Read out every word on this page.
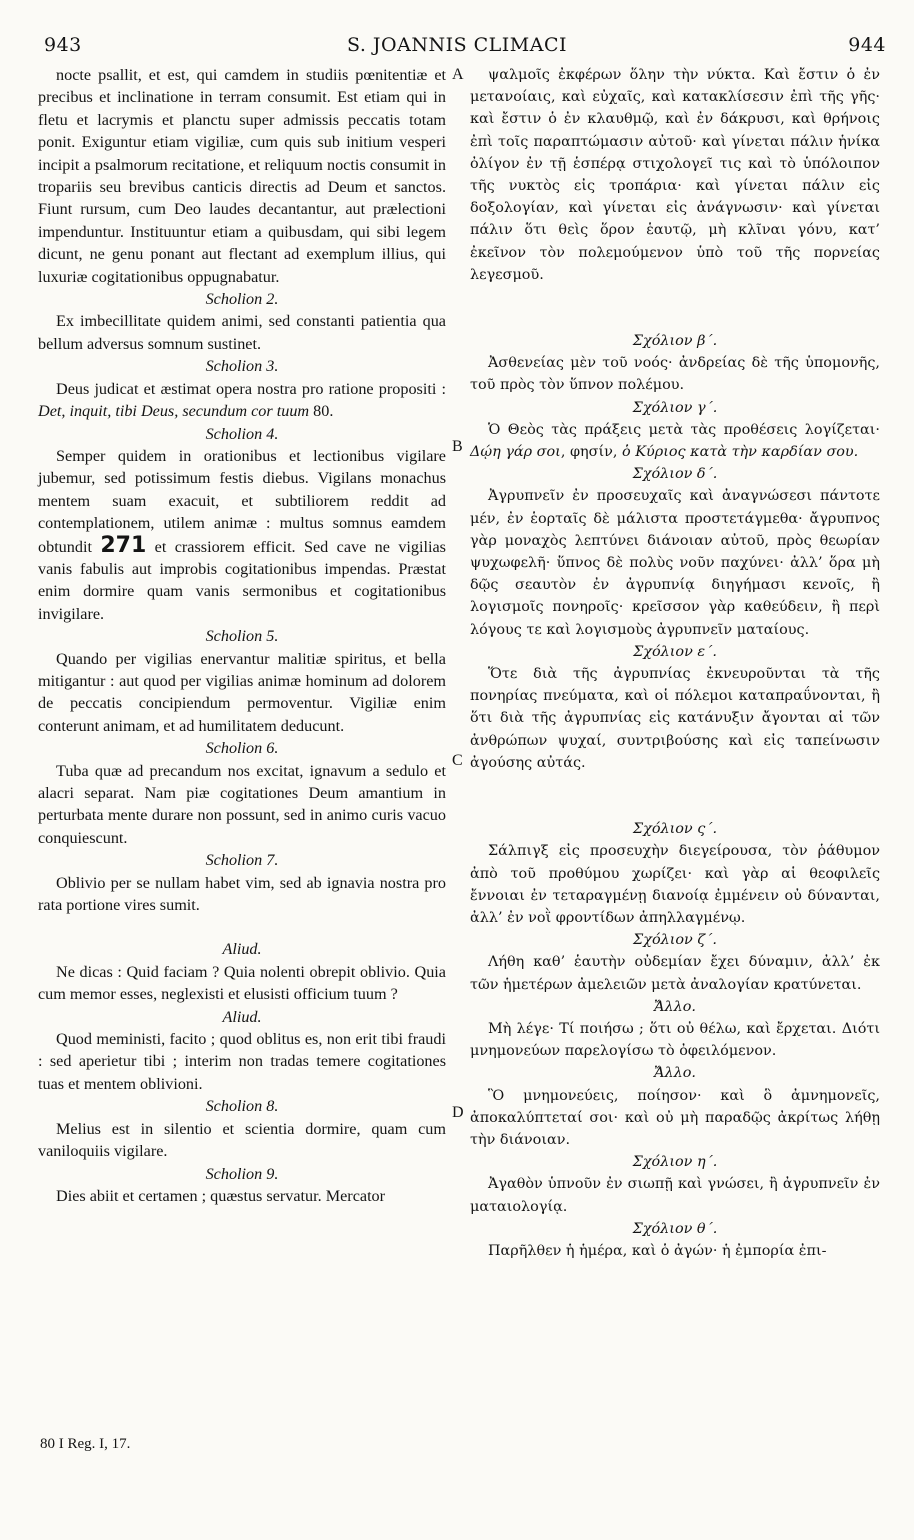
943	S. JOANNIS CLIMACI	944

nocte psallit, et est, qui camdem in studiis pœnitentiæ et precibus et inclinatione in terram consumit. Est etiam qui in fletu et lacrymis et planctu super admissis peccatis totam ponit. Exiguntur etiam vigiliæ, cum quis sub initium vesperi incipit a psalmorum recitatione, et reliquum noctis consumit in tropariis seu brevibus canticis directis ad Deum et sanctos. Fiunt rursum, cum Deo laudes decantantur, aut prælectioni impenduntur. Instituuntur etiam a quibusdam, qui sibi legem dicunt, ne genu ponant aut flectant ad exemplum illius, qui luxuriæ cogitationibus oppugnabatur.

Scholion 2.

Ex imbecillitate quidem animi, sed constanti patientia qua bellum adversus somnum sustinet.

Scholion 3.

Deus judicat et æstimat opera nostra pro ratione propositi : Det, inquit, tibi Deus, secundum cor tuum 80.

Scholion 4.

Semper quidem in orationibus et lectionibus vigilare jubemur, sed potissimum festis diebus. Vigilans monachus mentem suam exacuit, et subtiliorem reddit ad contemplationem, utilem animæ : multus somnus eamdem obtundit 271 et crassiorem efficit. Sed cave ne vigilias vanis fabulis aut improbis cogitationibus impendas. Præstat enim dormire quam vanis sermonibus et cogitationibus invigilare.

Scholion 5.

Quando per vigilias enervantur malitiæ spiritus, et bella mitigantur : aut quod per vigilias animæ hominum ad dolorem de peccatis concipiendum permoventur. Vigiliæ enim conterunt animam, et ad humilitatem deducunt.

Scholion 6.

Tuba quæ ad precandum nos excitat, ignavum a sedulo et alacri separat. Nam piæ cogitationes Deum amantium in perturbata mente durare non possunt, sed in animo curis vacuo conquiescunt.

Scholion 7.

Oblivio per se nullam habet vim, sed ab ignavia nostra pro rata portione vires sumit.

Aliud.

Ne dicas : Quid faciam ? Quia nolenti obrepit oblivio. Quia cum memor esses, neglexisti et elusisti officium tuum ?

Aliud.

Quod meministi, facito ; quod oblitus es, non erit tibi fraudi : sed aperietur tibi ; interim non tradas temere cogitationes tuas et mentem oblivioni.

Scholion 8.

Melius est in silentio et scientia dormire, quam cum vaniloquiis vigilare.

Scholion 9.

Dies abiit et certamen ; quæstus servatur. Mercator

ψαλμοῖς ἐκφέρων ὅλην τὴν νύκτα. Καὶ ἔστιν ὁ ἐν μετανοίαις, καὶ εὐχαῖς, καὶ κατακλίσεσιν ἐπὶ τῆς γῆς· καὶ ἔστιν ὁ ἐν κλαυθμῷ, καὶ ἐν δάκρυσι, καὶ θρήνοις ἐπὶ τοῖς παραπτώμασιν αὐτοῦ· καὶ γίνεται πάλιν ἡνίκα ὀλίγον ἐν τῇ ἑσπέρᾳ στιχολογεῖ τις καὶ τὸ ὑπόλοιπον τῆς νυκτὸς εἰς τροπάρια· καὶ γίνεται πάλιν εἰς δοξολογίαν, καὶ γίνεται εἰς ἀνάγνωσιν· καὶ γίνεται πάλιν ὅτι θεὶς ὅρον ἑαυτῷ, μὴ κλῖναι γόνυ, κατ’ ἐκεῖνον τὸν πολεμούμενον ὑπὸ τοῦ τῆς πορνείας λεγεσμοῦ.

Σχόλιον β΄.

Ἀσθενείας μὲν τοῦ νοός· ἀνδρείας δὲ τῆς ὑπομονῆς, τοῦ πρὸς τὸν ὕπνον πολέμου.

Σχόλιον γ΄.

Ὁ Θεὸς τὰς πράξεις μετὰ τὰς προθέσεις λογίζεται· Δῴη γάρ σοι, φησίν, ὁ Κύριος κατὰ τὴν καρδίαν σου.

Σχόλιον δ΄.

Ἀγρυπνεῖν ἐν προσευχαῖς καὶ ἀναγνώσεσι πάντοτε μέν, ἐν ἑορταῖς δὲ μάλιστα προστετάγμεθα· ἄγρυπνος γὰρ μοναχὸς λεπτύνει διάνοιαν αὐτοῦ, πρὸς θεωρίαν ψυχωφελῆ· ὕπνος δὲ πολὺς νοῦν παχύνει· ἀλλ’ ὅρα μὴ δῷς σεαυτὸν ἐν ἀγρυπνίᾳ διηγήμασι κενοῖς, ἢ λογισμοῖς πονηροῖς· κρεῖσσον γὰρ καθεύδειν, ἢ περὶ λόγους τε καὶ λογισμοὺς ἀγρυπνεῖν ματαίους.

Σχόλιον ε΄.

Ὅτε διὰ τῆς ἀγρυπνίας ἐκνευροῦνται τὰ τῆς πονηρίας πνεύματα, καὶ οἱ πόλεμοι καταπραΰνονται, ἢ ὅτι διὰ τῆς ἀγρυπνίας εἰς κατάνυξιν ἄγονται αἱ τῶν ἀνθρώπων ψυχαί, συντριβούσης καὶ εἰς ταπείνωσιν ἀγούσης αὐτάς.

Σχόλιον ς΄.

Σάλπιγξ εἰς προσευχὴν διεγείρουσα, τὸν ῥάθυμον ἀπὸ τοῦ προθύμου χωρίζει· καὶ γὰρ αἱ θεοφιλεῖς ἔννοιαι ἐν τεταραγμένῃ διανοίᾳ ἐμμένειν οὐ δύνανται, ἀλλ’ ἐν νοῒ φροντίδων ἀπηλλαγμένῳ.

Σχόλιον ζ΄.

Λήθη καθ’ ἑαυτὴν οὐδεμίαν ἔχει δύναμιν, ἀλλ’ ἐκ τῶν ἡμετέρων ἀμελειῶν μετὰ ἀναλογίαν κρατύνεται.

Ἄλλο.

Μὴ λέγε· Τί ποιήσω ; ὅτι οὐ θέλω, καὶ ἔρχεται. Διότι μνημονεύων παρελογίσω τὸ ὀφειλόμενον.

Ἄλλο.

Ὃ μνημονεύεις, ποίησον· καὶ ὃ ἀμνημονεῖς, ἀποκαλύπτεταί σοι· καὶ οὐ μὴ παραδῷς ἀκρίτως λήθῃ τὴν διάνοιαν.

Σχόλιον η΄.

Ἀγαθὸν ὑπνοῦν ἐν σιωπῇ καὶ γνώσει, ἢ ἀγρυπνεῖν ἐν ματαιολογίᾳ.

Σχόλιον θ΄.

Παρῆλθεν ἡ ἡμέρα, καὶ ὁ ἀγών· ἡ ἐμπορία ἐπι-

A
B
C
D
80 I Reg. I, 17.
